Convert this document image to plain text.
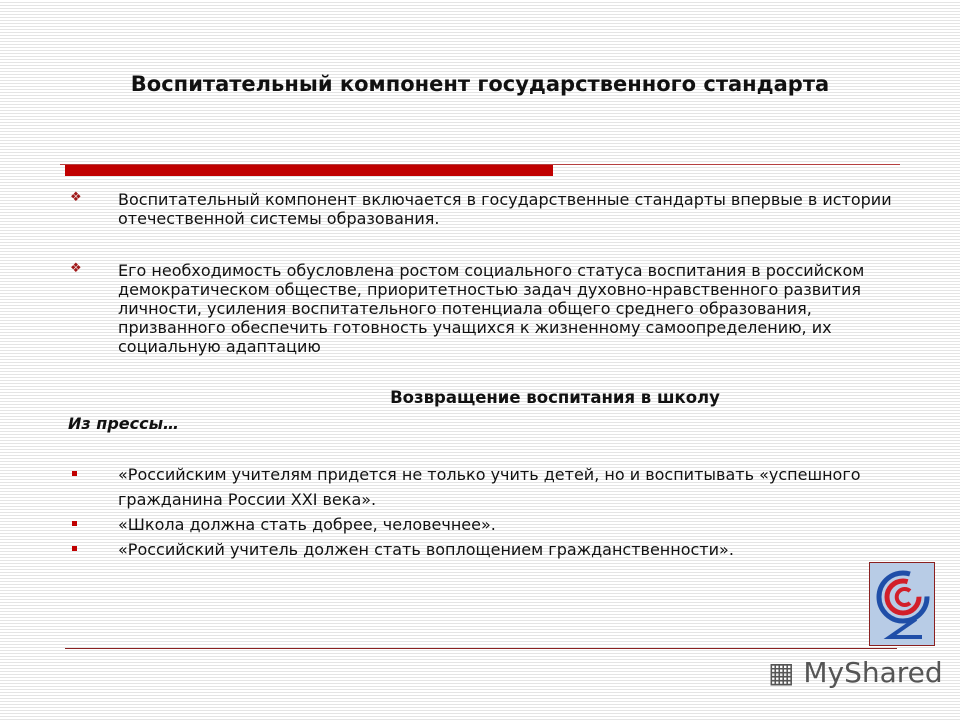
Воспитательный компонент государственного стандарта
❖ Воспитательный компонент включается в государственные стандарты впервые в истории отечественной системы образования.
❖ Его необходимость обусловлена ростом социального статуса воспитания в российском демократическом обществе, приоритетностью задач духовно-нравственного развития личности, усиления воспитательного потенциала общего среднего образования, призванного обеспечить готовность учащихся к жизненному самоопределению, их социальную адаптацию
Возвращение воспитания в школу
Из прессы…
«Российским учителям придется не только учить детей, но и воспитывать «успешного гражданина России XXI века».
«Школа должна стать добрее, человечнее».
«Российский учитель должен стать воплощением гражданственности».
▦ MyShared
